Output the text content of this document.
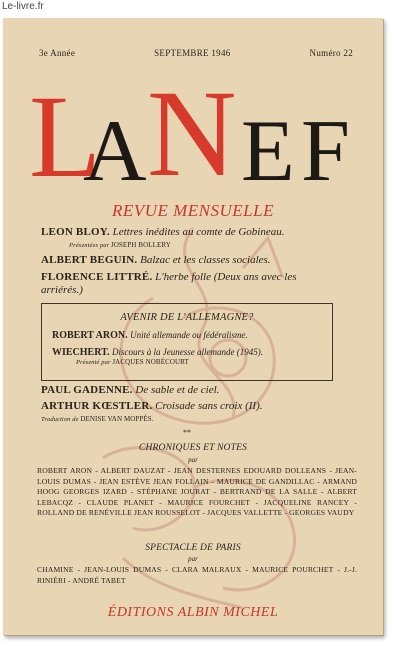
Le-livre.fr
3e Année	SEPTEMBRE 1946	Numéro 22
L
A N E F
REVUE MENSUELLE
LEON BLOY. Lettres inédites au comte de Gobineau.
Présentées par JOSEPH BOLLERY
ALBERT BEGUIN. Balzac et les classes sociales.
FLORENCE LITTRÉ. L'herbe folle (Deux ans avec les arriérés.)
AVENIR DE L'ALLEMAGNE?
ROBERT ARON. Unité allemande ou fédéralisme.
WIECHERT. Discours à la Jeunesse allemande (1945).
Présenté par JACQUES NOBÉCOURT
PAUL GADENNE. De sable et de ciel.
ARTHUR KŒSTLER. Croisade sans croix (II).
Traduction de DENISE VAN MOPPÈS.
**
CHRONIQUES ET NOTES
par
ROBERT ARON - ALBERT DAUZAT - JEAN DESTERNES EDOUARD DOLLEANS - JEAN-LOUIS DUMAS - JEAN ESTÈVE JEAN FOLLAIN - MAURICE DE GANDILLAC - ARMAND HOOG GEORGES IZARD - STÉPHANE JOURAT - BERTRAND DE LA SALLE - ALBERT LEBACQZ - CLAUDE PLANET - MAURICE FOURCHET - JACQUELINE RANCEY - ROLLAND DE RENÉVILLE JEAN ROUSSELOT - JACQUES VALLETTE - GEORGES VAUDY
SPECTACLE DE PARIS
par
CHAMINE - JEAN-LOUIS DUMAS - CLARA MALRAUX - MAURICE POURCHET - J.-J. RINIÉRI - ANDRÉ TABET
ÉDITIONS ALBIN MICHEL
